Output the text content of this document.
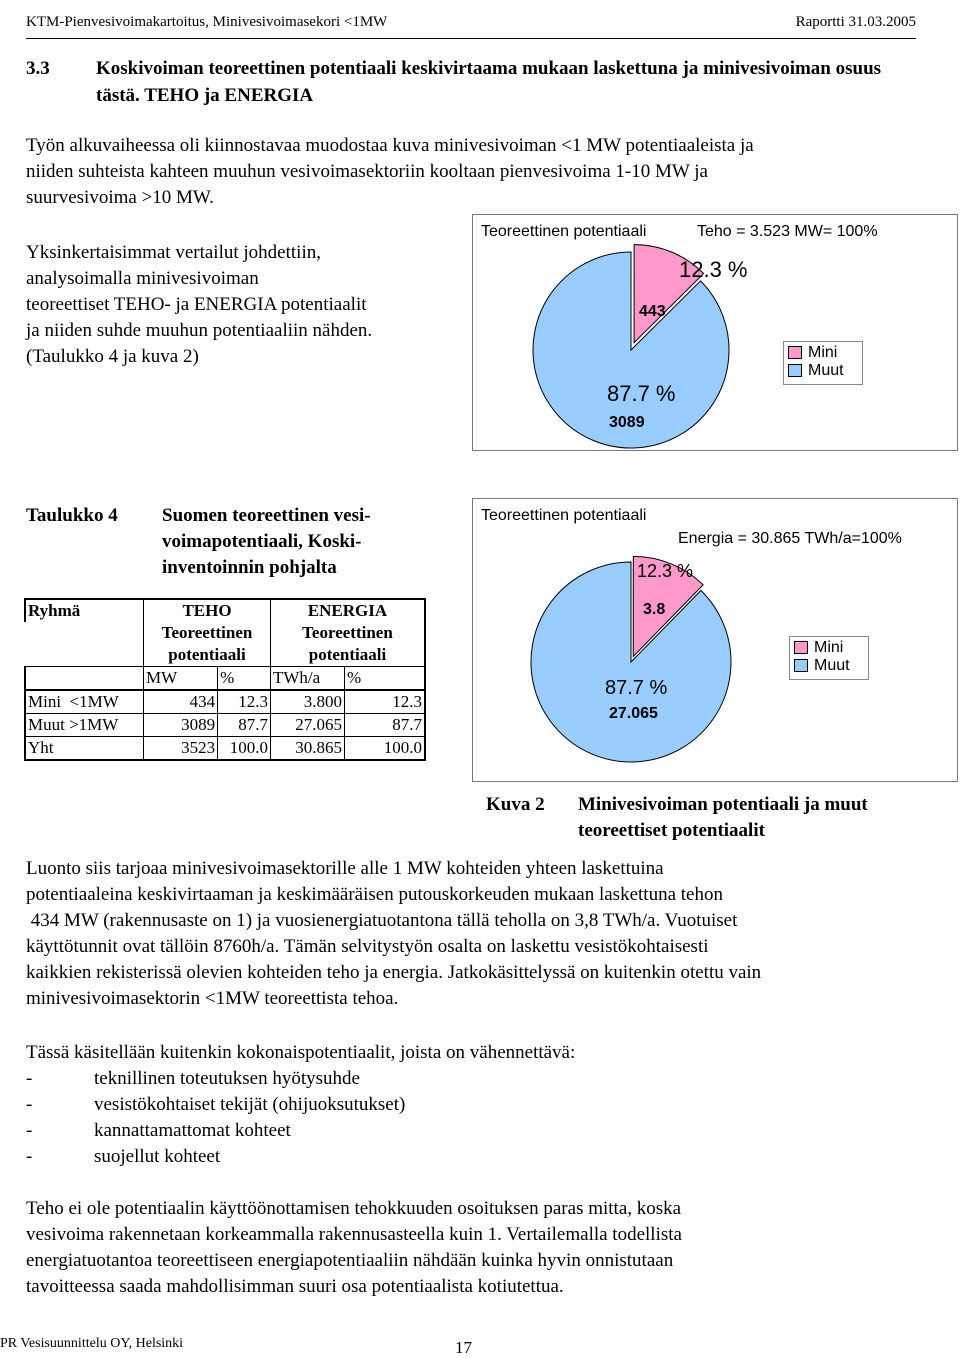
KTM-Pienvesivoimakartoitus, Minivesivoimasekori <1MW	Raportti 31.03.2005
3.3 Koskivoiman teoreettinen potentiaali keskivirtaama mukaan laskettuna ja minivesivoiman osuus tästä. TEHO ja ENERGIA

Työn alkuvaiheessa oli kiinnostavaa muodostaa kuva minivesivoiman <1 MW potentiaaleista ja

niiden suhteista kahteen muuhun vesivoimasektoriin kooltaan pienvesivoima 1-10 MW ja

suurvesivoima >10 MW.

Yksinkertaisimmat vertailut johdettiin,

analysoimalla minivesivoiman

teoreettiset TEHO- ja ENERGIA potentiaalit

ja niiden suhde muuhun potentiaaliin nähden.

(Taulukko 4 ja kuva 2)

Teoreettinen potentiaali	Teho = 3.523 MW= 100%
12.3 %
443
87.7 %
3089
Mini
Muut
Taulukko 4 Suomen teoreettinen vesi-
voimapotentiaali, Koski-
inventoinnin pohjalta
Ryhmä	TEHO		ENERGIA	
	Teoreettinen		Teoreettinen	
	potentiaali		potentiaali	
	MW	%	TWh/a	%
Mini  <1MW	434	12.3	3.800	12.3
Muut >1MW	3089	87.7	27.065	87.7
Yht	3523	100.0	30.865	100.0
Teoreettinen potentiaali
Energia = 30.865 TWh/a=100%
12.3 %
3.8
87.7 %
27.065
Mini
Muut
Kuva 2 Minivesivoiman potentiaali ja muut
teoreettiset potentiaalit

Luonto siis tarjoaa minivesivoimasektorille alle 1 MW kohteiden yhteen laskettuina

potentiaaleina keskivirtaaman ja keskimääräisen putouskorkeuden mukaan laskettuna tehon

434 MW (rakennusaste on 1) ja vuosienergiatuotantona tällä teholla on 3,8 TWh/a. Vuotuiset

käyttötunnit ovat tällöin 8760h/a. Tämän selvitystyön osalta on laskettu vesistökohtaisesti

kaikkien rekisterissä olevien kohteiden teho ja energia. Jatkokäsittelyssä on kuitenkin otettu vain

minivesivoimasektorin <1MW teoreettista tehoa.

Tässä käsitellään kuitenkin kokonaispotentiaalit, joista on vähennettävä:
-	teknillinen toteutuksen hyötysuhde
-	vesistökohtaiset tekijät (ohijuoksutukset)
-	kannattamattomat kohteet
-	suojellut kohteet

Teho ei ole potentiaalin käyttöönottamisen tehokkuuden osoituksen paras mitta, koska

vesivoima rakennetaan korkeammalla rakennusasteella kuin 1. Vertailemalla todellista

energiatuotantoa teoreettiseen energiapotentiaaliin nähdään kuinka hyvin onnistutaan

tavoitteessa saada mahdollisimman suuri osa potentiaalista kotiutettua.

PR Vesisuunnittelu OY, Helsinki	17
